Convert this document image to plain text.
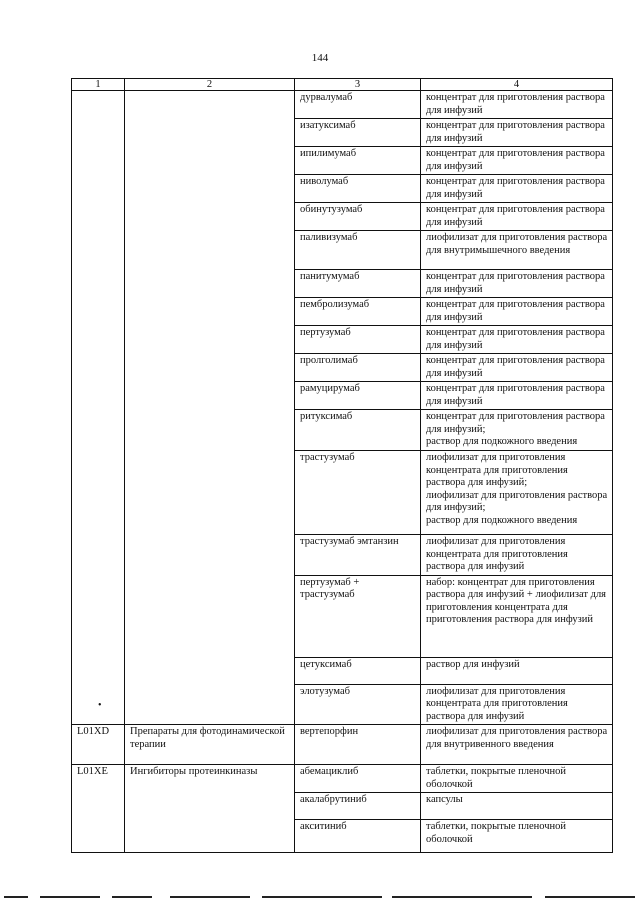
144
1	2	3	4
		дурвалумаб	концентрат для приготовления раствора для инфузий
		изатуксимаб	концентрат для приготовления раствора для инфузий
		ипилимумаб	концентрат для приготовления раствора для инфузий
		ниволумаб	концентрат для приготовления раствора для инфузий
		обинутузумаб	концентрат для приготовления раствора для инфузий
		паливизумаб	лиофилизат для приготовления раствора для внутримышечного введения
		панитумумаб	концентрат для приготовления раствора для инфузий
		пембролизумаб	концентрат для приготовления раствора для инфузий
		пертузумаб	концентрат для приготовления раствора для инфузий
		пролголимаб	концентрат для приготовления раствора для инфузий
		рамуцирумаб	концентрат для приготовления раствора для инфузий
		ритуксимаб	концентрат для приготовления раствора для инфузий;
раствор для подкожного введения
		трастузумаб	лиофилизат для приготовления концентрата для приготовления раствора для инфузий;
лиофилизат для приготовления раствора для инфузий;
раствор для подкожного введения
		трастузумаб эмтанзин	лиофилизат для приготовления концентрата для приготовления раствора для инфузий
		пертузумаб + трастузумаб	набор: концентрат для приготовления раствора для инфузий + лиофилизат для приготовления концентрата для приготовления раствора для инфузий
		цетуксимаб	раствор для инфузий
		элотузумаб	лиофилизат для приготовления концентрата для приготовления раствора для инфузий
L01XD	Препараты для фотодинамической терапии	вертепорфин	лиофилизат для приготовления раствора для внутривенного введения
L01XE	Ингибиторы протеинкиназы	абемациклиб	таблетки, покрытые пленочной оболочкой
		акалабрутиниб	капсулы
		акситиниб	таблетки, покрытые пленочной оболочкой
•
